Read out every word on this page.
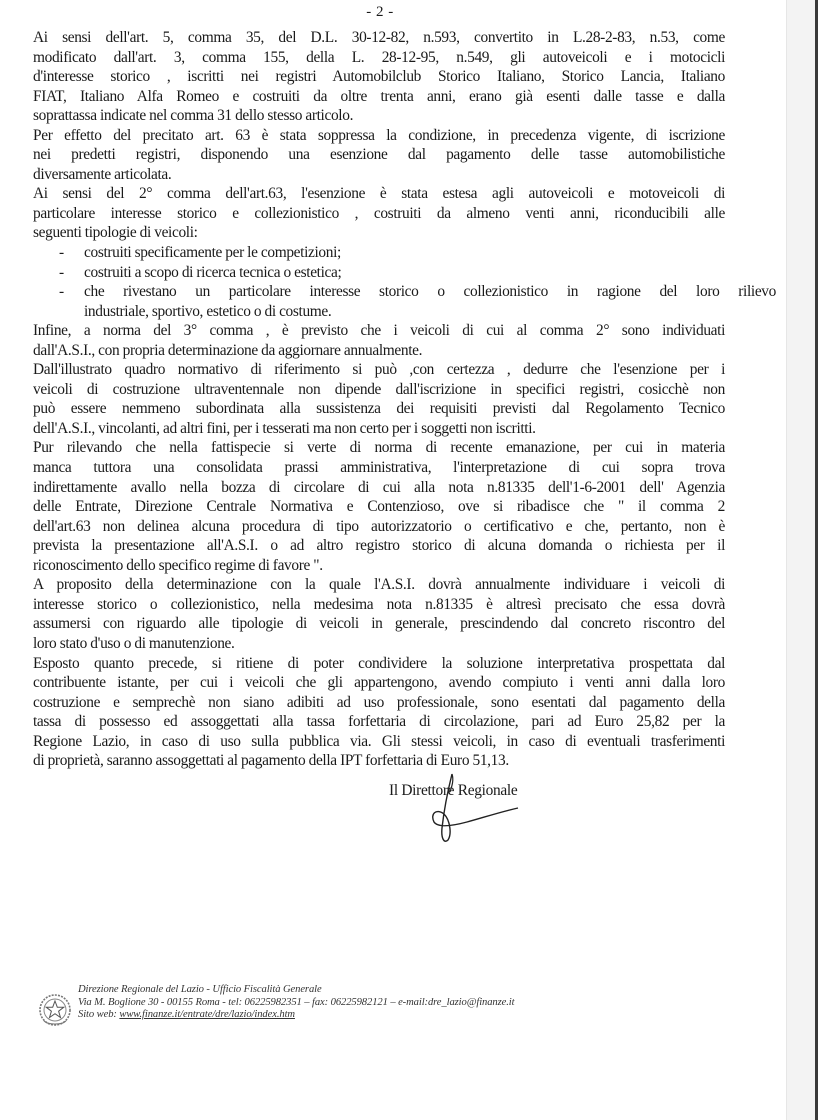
- 2 -
Ai sensi dell'art. 5, comma 35, del D.L. 30-12-82, n.593, convertito in L.28-2-83, n.53, come
modificato dall'art. 3, comma 155, della L. 28-12-95, n.549, gli autoveicoli e i motocicli
d'interesse storico , iscritti nei registri Automobilclub Storico Italiano, Storico Lancia, Italiano
FIAT, Italiano Alfa Romeo e costruiti da oltre trenta anni, erano già esenti dalle tasse e dalla
soprattassa indicate nel comma 31 dello stesso articolo.
Per effetto del precitato art. 63 è stata soppressa la condizione, in precedenza vigente, di iscrizione
nei predetti registri, disponendo una esenzione dal pagamento delle tasse automobilistiche
diversamente articolata.
Ai sensi del 2° comma dell'art.63, l'esenzione è stata estesa agli autoveicoli e motoveicoli di
particolare interesse storico e collezionistico , costruiti da almeno venti anni, riconducibili alle
seguenti tipologie di veicoli:
- costruiti specificamente per le competizioni;
- costruiti a scopo di ricerca tecnica o estetica;
- che rivestano un particolare interesse storico o collezionistico in ragione del loro rilievo
industriale, sportivo, estetico o di costume.
Infine, a norma del 3° comma , è previsto che i veicoli di cui al comma 2° sono individuati
dall'A.S.I., con propria determinazione da aggiornare annualmente.
Dall'illustrato quadro normativo di riferimento si può ,con certezza , dedurre che l'esenzione per i
veicoli di costruzione ultraventennale non dipende dall'iscrizione in specifici registri, cosicchè non
può essere nemmeno subordinata alla sussistenza dei requisiti previsti dal Regolamento Tecnico
dell'A.S.I., vincolanti, ad altri fini, per i tesserati ma non certo per i soggetti non iscritti.
Pur rilevando che nella fattispecie si verte di norma di recente emanazione, per cui in materia
manca tuttora una consolidata prassi amministrativa, l'interpretazione di cui sopra trova
indirettamente avallo nella bozza di circolare di cui alla nota n.81335 dell'1-6-2001 dell' Agenzia
delle Entrate, Direzione Centrale Normativa e Contenzioso, ove si ribadisce che " il comma 2
dell'art.63 non delinea alcuna procedura di tipo autorizzatorio o certificativo e che, pertanto, non è
prevista la presentazione all'A.S.I. o ad altro registro storico di alcuna domanda o richiesta per il
riconoscimento dello specifico regime di favore ".
A proposito della determinazione con la quale l'A.S.I. dovrà annualmente individuare i veicoli di
interesse storico o collezionistico, nella medesima nota n.81335 è altresì precisato che essa dovrà
assumersi con riguardo alle tipologie di veicoli in generale, prescindendo dal concreto riscontro del
loro stato d'uso o di manutenzione.
Esposto quanto precede, si ritiene di poter condividere la soluzione interpretativa prospettata dal
contribuente istante, per cui i veicoli che gli appartengono, avendo compiuto i venti anni dalla loro
costruzione e semprechè non siano adibiti ad uso professionale, sono esentati dal pagamento della
tassa di possesso ed assoggettati alla tassa forfettaria di circolazione, pari ad Euro 25,82 per la
Regione Lazio, in caso di uso sulla pubblica via. Gli stessi veicoli, in caso di eventuali trasferimenti
di proprietà, saranno assoggettati al pagamento della IPT forfettaria di Euro 51,13.
Il Direttore Regionale
Direzione Regionale del Lazio - Ufficio Fiscalità Generale
Via M. Boglione 30 - 00155 Roma - tel: 06225982351 – fax: 06225982121 – e-mail:dre_lazio@finanze.it
Sito web: www.finanze.it/entrate/dre/lazio/index.htm
